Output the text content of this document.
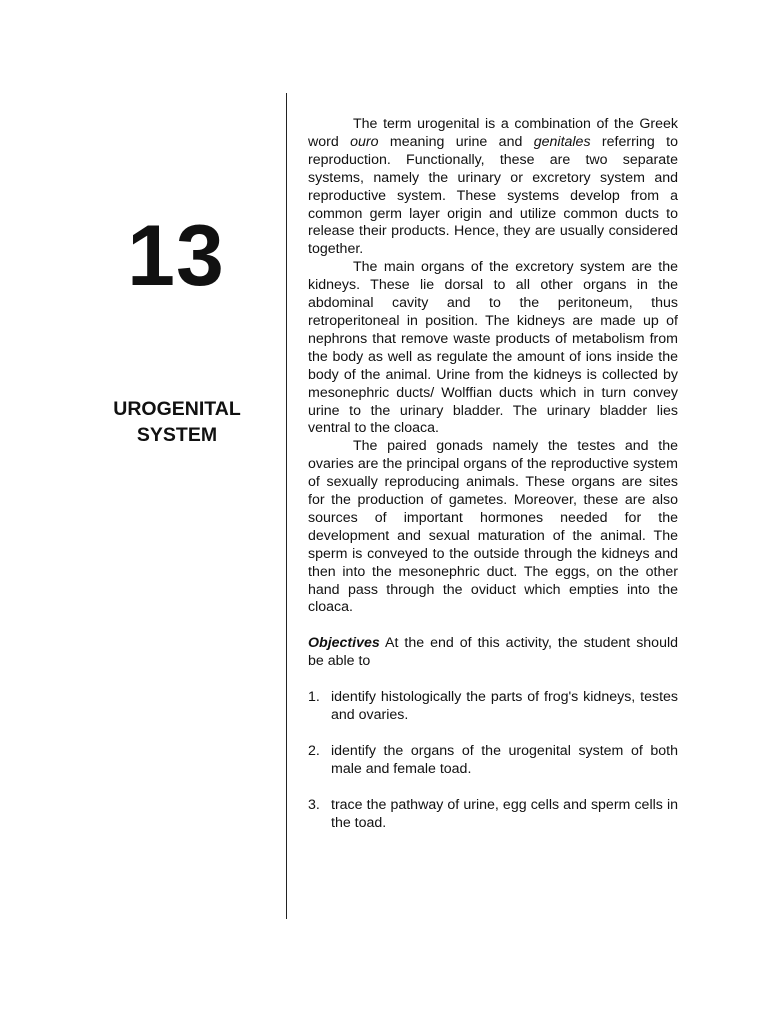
13
UROGENITAL
SYSTEM

The term urogenital is a combination of the Greek word ouro meaning urine and genitales referring to reproduction. Functionally, these are two separate systems, namely the urinary or excretory system and reproductive system. These systems develop from a common germ layer origin and utilize common ducts to release their products. Hence, they are usually considered together.

The main organs of the excretory system are the kidneys. These lie dorsal to all other organs in the abdominal cavity and to the peritoneum, thus retroperitoneal in position. The kidneys are made up of nephrons that remove waste products of metabolism from the body as well as regulate the amount of ions inside the body of the animal. Urine from the kidneys is collected by mesonephric ducts/ Wolffian ducts which in turn convey urine to the urinary bladder. The urinary bladder lies ventral to the cloaca.

The paired gonads namely the testes and the ovaries are the principal organs of the reproductive system of sexually reproducing animals. These organs are sites for the production of gametes. Moreover, these are also sources of important hormones needed for the development and sexual maturation of the animal. The sperm is conveyed to the outside through the kidneys and then into the mesonephric duct. The eggs, on the other hand pass through the oviduct which empties into the cloaca.

Objectives At the end of this activity, the student should be able to

1. identify histologically the parts of frog's kidneys, testes and ovaries.
2. identify the organs of the urogenital system of both male and female toad.
3. trace the pathway of urine, egg cells and sperm cells in the toad.
